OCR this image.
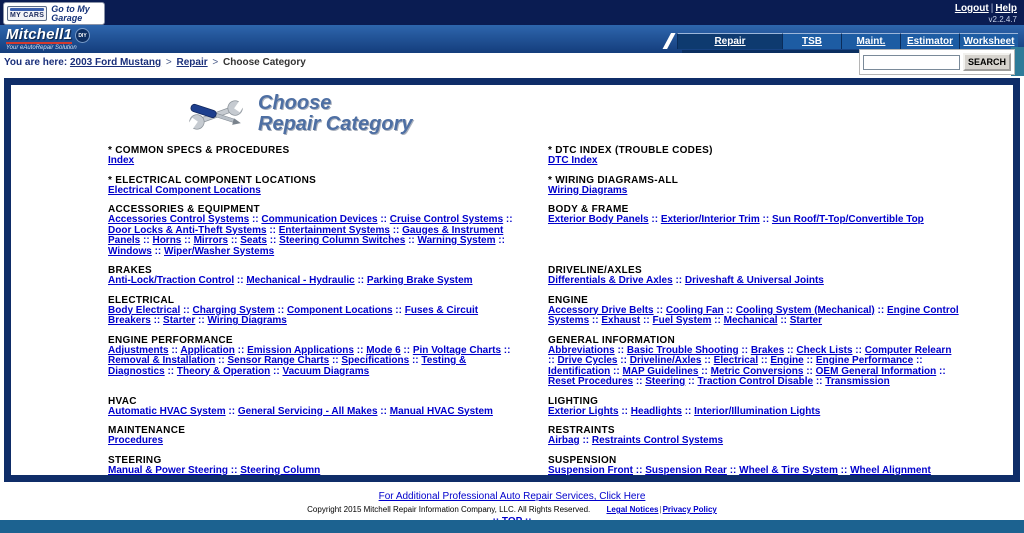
MY CARS
Go to My Garage
Logout | Help
v2.2.4.7
Mitchell1	DIY
Your eAutoRepair Solution
Repair	TSB	Maint.	Estimator	Worksheet
You are here: 2003 Ford Mustang > Repair > Choose Category	SEARCH
Choose
Repair Category
* COMMON SPECS & PROCEDURES
Index
* DTC INDEX (TROUBLE CODES)
DTC Index
* ELECTRICAL COMPONENT LOCATIONS
Electrical Component Locations
* WIRING DIAGRAMS-ALL
Wiring Diagrams
ACCESSORIES & EQUIPMENT
Accessories Control Systems :: Communication Devices :: Cruise Control Systems :: Door Locks & Anti-Theft Systems :: Entertainment Systems :: Gauges & Instrument Panels :: Horns :: Mirrors :: Seats :: Steering Column Switches :: Warning System :: Windows :: Wiper/Washer Systems
BODY & FRAME
Exterior Body Panels :: Exterior/Interior Trim :: Sun Roof/T-Top/Convertible Top
BRAKES
Anti-Lock/Traction Control :: Mechanical - Hydraulic :: Parking Brake System
DRIVELINE/AXLES
Differentials & Drive Axles :: Driveshaft & Universal Joints
ELECTRICAL
Body Electrical :: Charging System :: Component Locations :: Fuses & Circuit Breakers :: Starter :: Wiring Diagrams
ENGINE
Accessory Drive Belts :: Cooling Fan :: Cooling System (Mechanical) :: Engine Control Systems :: Exhaust :: Fuel System :: Mechanical :: Starter
ENGINE PERFORMANCE
Adjustments :: Application :: Emission Applications :: Mode 6 :: Pin Voltage Charts :: Removal & Installation :: Sensor Range Charts :: Specifications :: Testing & Diagnostics :: Theory & Operation :: Vacuum Diagrams
GENERAL INFORMATION
Abbreviations :: Basic Trouble Shooting :: Brakes :: Check Lists :: Computer Relearn :: Drive Cycles :: Driveline/Axles :: Electrical :: Engine :: Engine Performance :: Identification :: MAP Guidelines :: Metric Conversions :: OEM General Information :: Reset Procedures :: Steering :: Traction Control Disable :: Transmission
HVAC
Automatic HVAC System :: General Servicing - All Makes :: Manual HVAC System
LIGHTING
Exterior Lights :: Headlights :: Interior/Illumination Lights
MAINTENANCE
Procedures
RESTRAINTS
Airbag :: Restraints Control Systems
STEERING
Manual & Power Steering :: Steering Column
SUSPENSION
Suspension Front :: Suspension Rear :: Wheel & Tire System :: Wheel Alignment
For Additional Professional Auto Repair Services, Click Here
Copyright 2015 Mitchell Repair Information Company, LLC. All Rights Reserved. Legal Notices|Privacy Policy
